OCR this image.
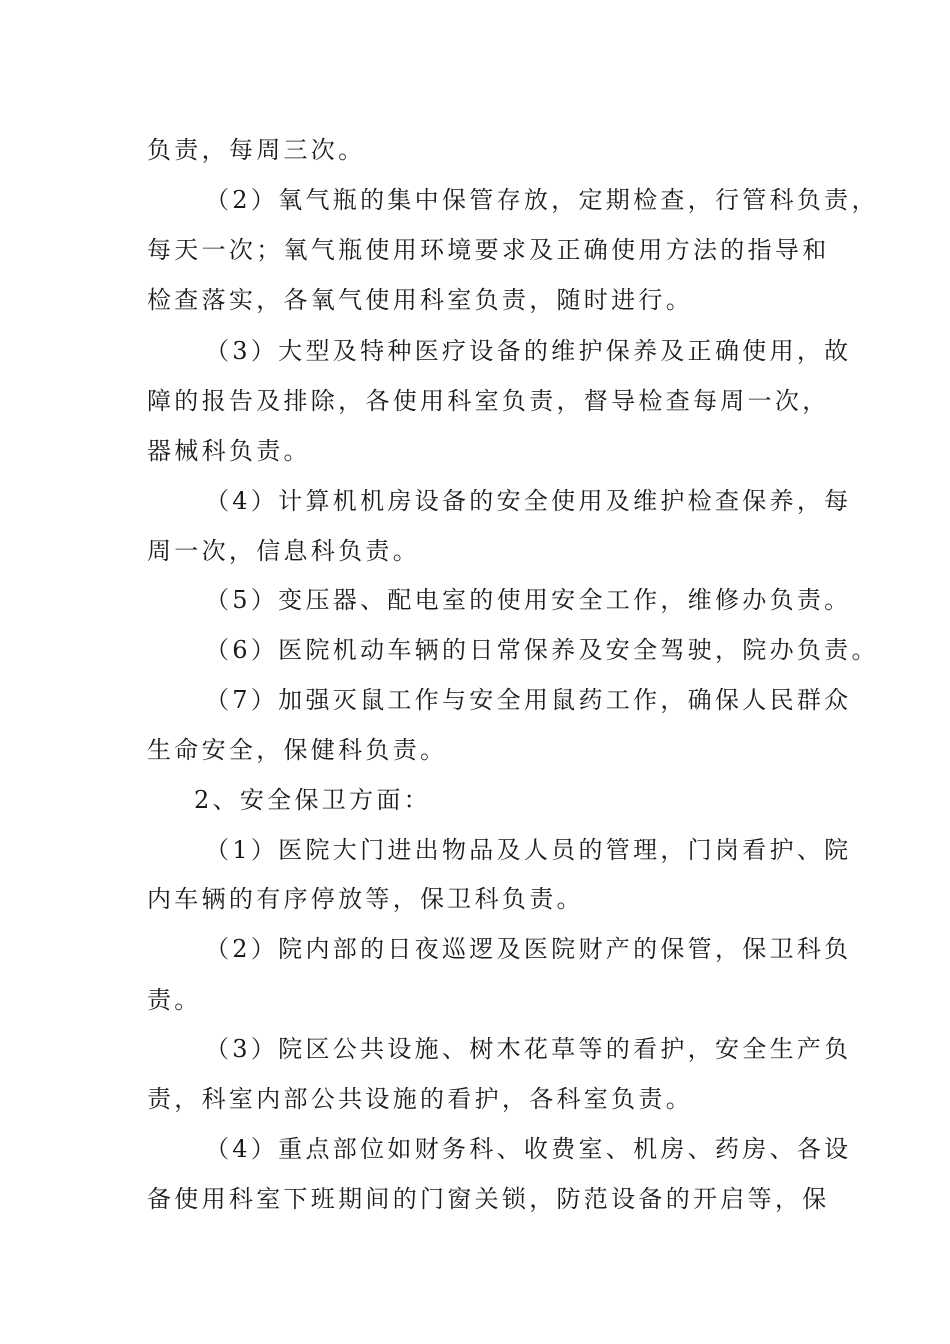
负责，每周三次。
（2）氧气瓶的集中保管存放，定期检查，行管科负责，
每天一次；氧气瓶使用环境要求及正确使用方法的指导和
检查落实，各氧气使用科室负责，随时进行。
（3）大型及特种医疗设备的维护保养及正确使用，故
障的报告及排除，各使用科室负责，督导检查每周一次，
器械科负责。
（4）计算机机房设备的安全使用及维护检查保养，每
周一次，信息科负责。
（5）变压器、配电室的使用安全工作，维修办负责。
（6）医院机动车辆的日常保养及安全驾驶，院办负责。
（7）加强灭鼠工作与安全用鼠药工作，确保人民群众
生命安全，保健科负责。
2、安全保卫方面：
（1）医院大门进出物品及人员的管理，门岗看护、院
内车辆的有序停放等，保卫科负责。
（2）院内部的日夜巡逻及医院财产的保管，保卫科负
责。
（3）院区公共设施、树木花草等的看护，安全生产负
责，科室内部公共设施的看护，各科室负责。
（4）重点部位如财务科、收费室、机房、药房、各设
备使用科室下班期间的门窗关锁，防范设备的开启等，保
